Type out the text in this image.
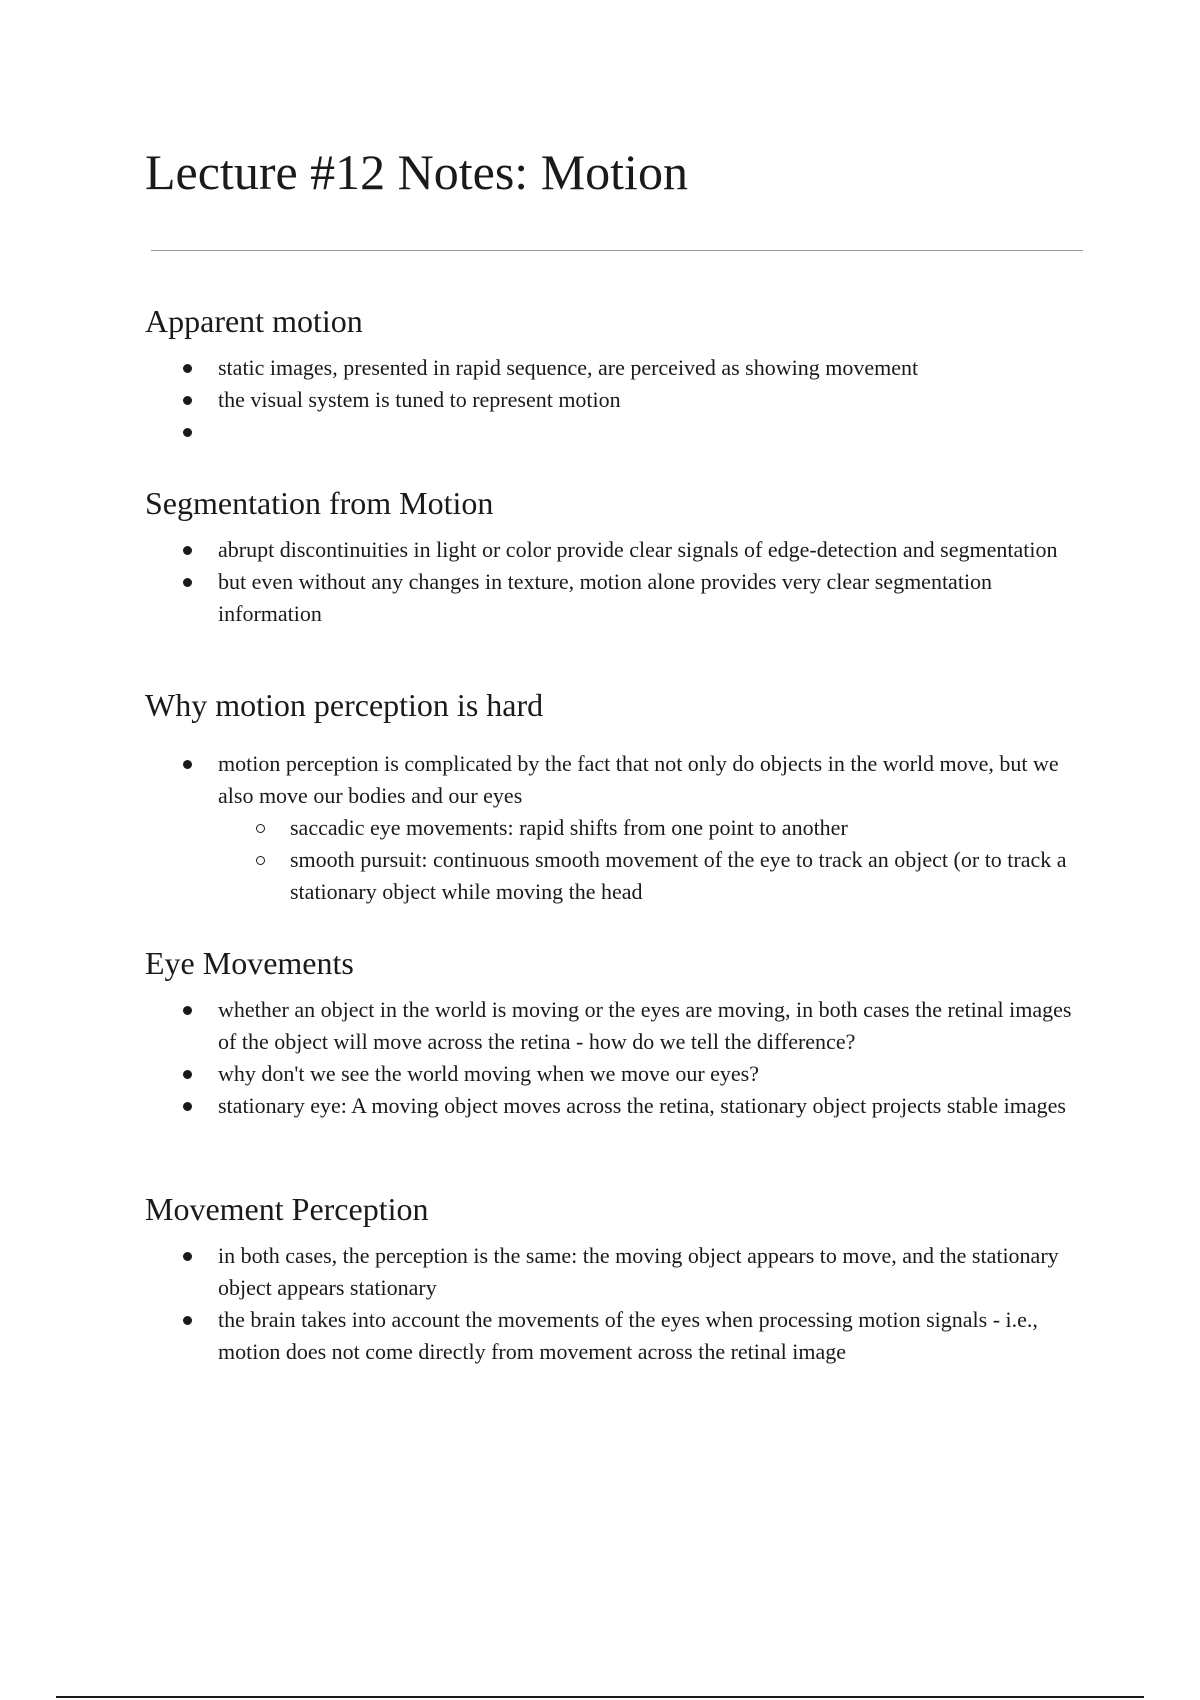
Lecture #12 Notes: Motion
Apparent motion
static images, presented in rapid sequence, are perceived as showing movement
the visual system is tuned to represent motion
Segmentation from Motion
abrupt discontinuities in light or color provide clear signals of edge-detection and segmentation
but even without any changes in texture, motion alone provides very clear segmentation information
Why motion perception is hard
motion perception is complicated by the fact that not only do objects in the world move, but we also move our bodies and our eyes
saccadic eye movements: rapid shifts from one point to another
smooth pursuit: continuous smooth movement of the eye to track an object (or to track a stationary object while moving the head
Eye Movements
whether an object in the world is moving or the eyes are moving, in both cases the retinal images of the object will move across the retina - how do we tell the difference?
why don't we see the world moving when we move our eyes?
stationary eye: A moving object moves across the retina, stationary object projects stable images
Movement Perception
in both cases, the perception is the same: the moving object appears to move, and the stationary object appears stationary
the brain takes into account the movements of the eyes when processing motion signals - i.e., motion does not come directly from movement across the retinal image
